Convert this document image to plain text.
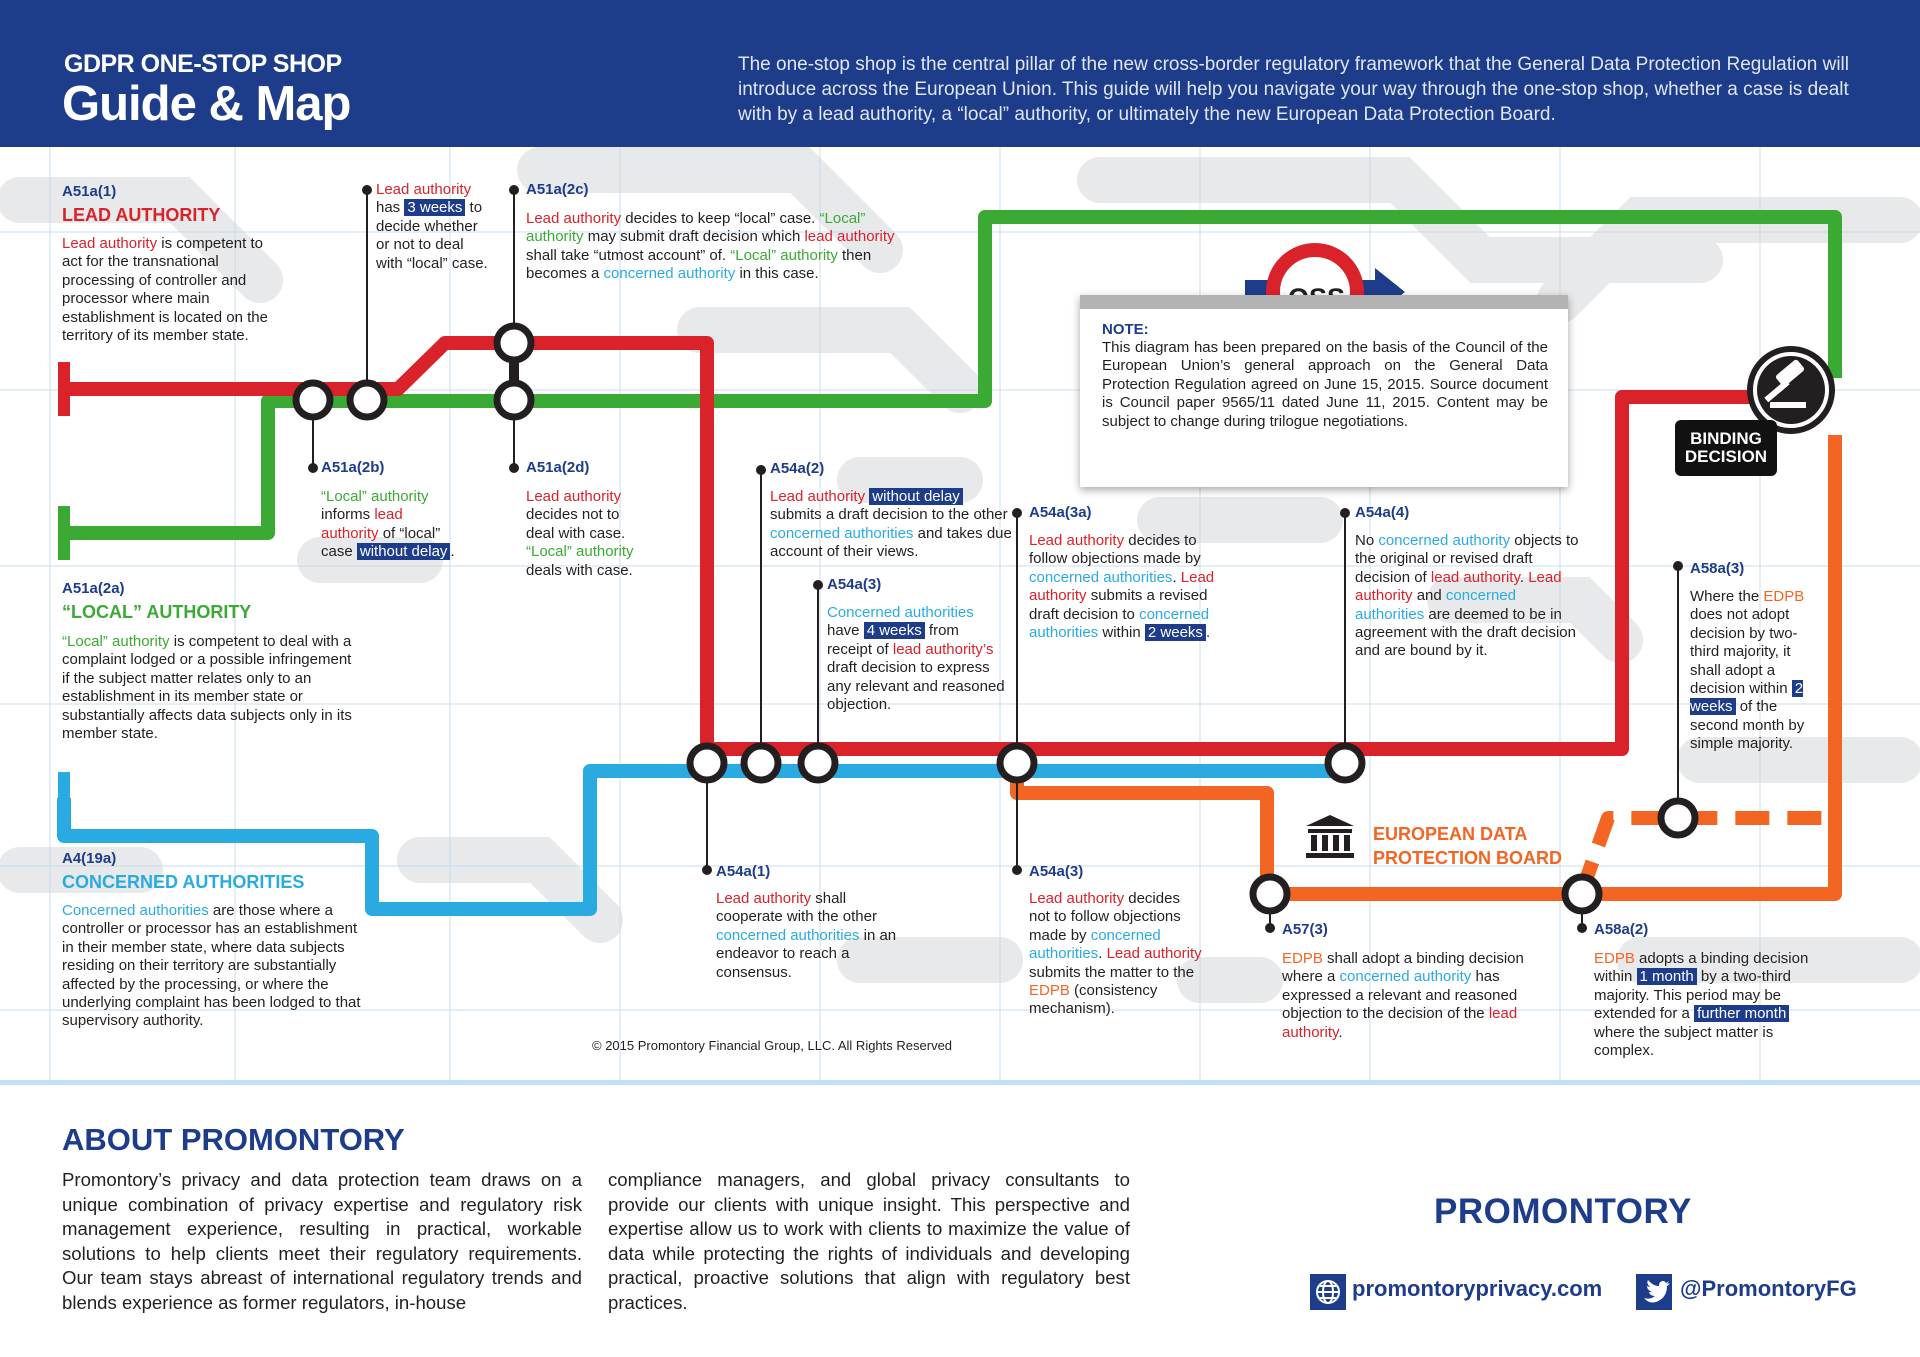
GDPR ONE-STOP SHOP
Guide & Map
The one-stop shop is the central pillar of the new cross-border regulatory framework that the General Data Protection Regulation will introduce across the European Union. This guide will help you navigate your way through the one-stop shop, whether a case is dealt with by a lead authority, a “local” authority, or ultimately the new European Data Protection Board.
A51a(1)
LEAD AUTHORITY
Lead authority is competent to act for the transnational processing of controller and processor where main establishment is located on the territory of its member state.
A51a(2a)
“LOCAL” AUTHORITY
“Local” authority is competent to deal with a complaint lodged or a possible infringement if the subject matter relates only to an establishment in its member state or substantially affects data subjects only in its member state.
A4(19a)
CONCERNED AUTHORITIES
Concerned authorities are those where a controller or processor has an establishment in their member state, where data subjects residing on their territory are substantially affected by the processing, or where the underlying complaint has been lodged to that supervisory authority.
Lead authority
has 3 weeks to decide whether or not to deal with “local” case.
A51a(2c)
Lead authority decides to keep “local” case. “Local” authority may submit draft decision which lead authority shall take “utmost account” of. “Local” authority then becomes a concerned authority in this case.
A51a(2b)
“Local” authority informs lead authority of “local” case without delay .
A51a(2d)
Lead authority decides not to deal with case. “Local” authority deals with case.
A54a(2)
Lead authority without delay submits a draft decision to the other concerned authorities and takes due account of their views.
A54a(3)
Concerned authorities have 4 weeks from receipt of lead authority’s draft decision to express any relevant and reasoned objection.
A54a(3a)
Lead authority decides to follow objections made by concerned authorities. Lead authority submits a revised draft decision to concerned authorities within 2 weeks .
A54a(4)
No concerned authority objects to the original or revised draft decision of lead authority. Lead authority and concerned authorities are deemed to be in agreement with the draft decision and are bound by it.
A58a(3)
Where the EDPB does not adopt decision by two-third majority, it shall adopt a decision within 2 weeks of the second month by simple majority.
A54a(1)
Lead authority shall cooperate with the other concerned authorities in an endeavor to reach a consensus.
A54a(3)
Lead authority decides not to follow objections made by concerned authorities. Lead authority submits the matter to the EDPB (consistency mechanism).
A57(3)
EDPB shall adopt a binding decision where a concerned authority has expressed a relevant and reasoned objection to the decision of the lead authority.
A58a(2)
EDPB adopts a binding decision within 1 month by a two-third majority. This period may be extended for a further month where the subject matter is complex.
NOTE:
This diagram has been prepared on the basis of the Council of the European Union’s general approach on the General Data Protection Regulation agreed on June 15, 2015. Source document is Council paper 9565/11 dated June 11, 2015. Content may be subject to change during trilogue negotiations.
BINDING
DECISION
EUROPEAN DATA
PROTECTION BOARD
© 2015 Promontory Financial Group, LLC. All Rights Reserved
ABOUT PROMONTORY
Promontory’s privacy and data protection team draws on a unique combination of privacy expertise and regulatory risk management experience, resulting in practical, workable solutions to help clients meet their regulatory requirements. Our team stays abreast of international regulatory trends and blends experience as former regulators, in-house
compliance managers, and global privacy consultants to provide our clients with unique insight. This perspective and expertise allow us to work with clients to maximize the value of data while protecting the rights of individuals and developing practical, proactive solutions that align with regulatory best practices.
PROMONTORY
promontoryprivacy.com	@PromontoryFG
